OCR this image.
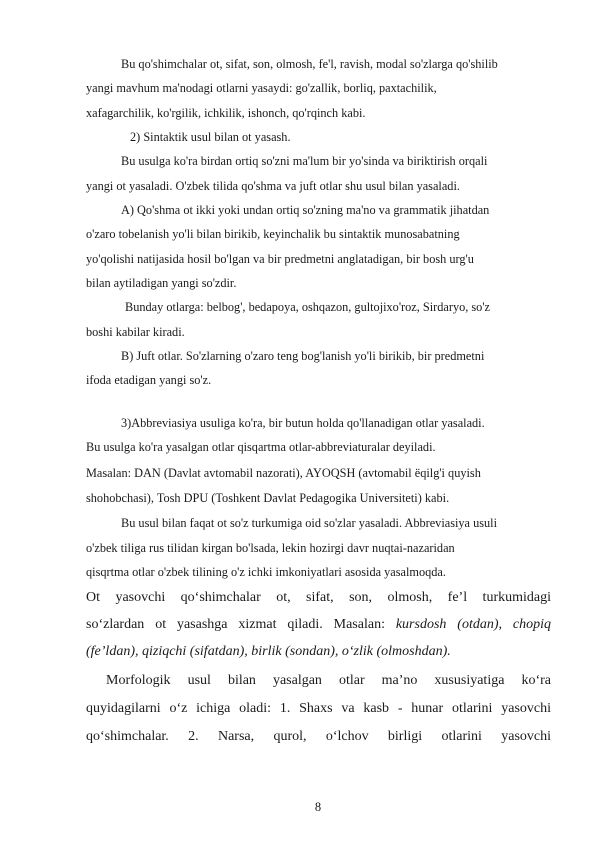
Bu qo'shimchalar ot, sifat, son, olmosh, fe'l, ravish, modal so'zlarga qo'shilib
yangi mavhum ma'nodagi otlarni yasaydi: go'zallik, borliq, paxtachilik,
xafagarchilik, ko'rgilik, ichkilik, ishonch, qo'rqinch kabi.
2) Sintaktik usul bilan ot yasash.
Bu usulga ko'ra birdan ortiq so'zni ma'lum bir yo'sinda va biriktirish orqali
yangi ot yasaladi. O'zbek tilida qo'shma va juft otlar shu usul bilan yasaladi.
A) Qo'shma ot ikki yoki undan ortiq so'zning ma'no va grammatik jihatdan
o'zaro tobelanish yo'li bilan birikib, keyinchalik bu sintaktik munosabatning
yo'qolishi natijasida hosil bo'lgan va bir predmetni anglatadigan, bir bosh urg'u
bilan aytiladigan yangi so'zdir.
Bunday otlarga: belbog', bedapoya, oshqazon, gultojixo'roz, Sirdaryo, so'z
boshi kabilar kiradi.
B) Juft otlar. So'zlarning o'zaro teng bog'lanish yo'li birikib, bir predmetni
ifoda etadigan yangi so'z.
3)Abbreviasiya usuliga ko'ra, bir butun holda qo'llanadigan otlar yasaladi.
Bu usulga ko'ra yasalgan otlar qisqartma otlar-abbreviaturalar deyiladi.
Masalan: DAN (Davlat avtomabil nazorati), AYOQSH (avtomabil ёqilg'i quyish
shohobchasi), Tosh DPU (Toshkent Davlat Pedagogika Universiteti) kabi.
Bu usul bilan faqat ot so'z turkumiga oid so'zlar yasaladi. Abbreviasiya usuli
o'zbek tiliga rus tilidan kirgan bo'lsada, lekin hozirgi davr nuqtai-nazaridan
qisqrtma otlar o'zbek tilining o'z ichki imkoniyatlari asosida yasalmoqda.
Ot yasovchi qo‘shimchalar ot, sifat, son, olmosh, fe’l turkumidagi
so‘zlardan ot yasashga xizmat qiladi. Masalan: kursdosh (otdan), chopiq
(fe’ldan), qiziqchi (sifatdan), birlik (sondan), o‘zlik (olmoshdan).
Morfologik usul bilan yasalgan otlar ma’no xususiyatiga ko‘ra
quyidagilarni o‘z ichiga oladi: 1. Shaxs va kasb - hunar otlarini yasovchi
qo‘shimchalar. 2. Narsa, qurol, o‘lchov birligi otlarini yasovchi
8
